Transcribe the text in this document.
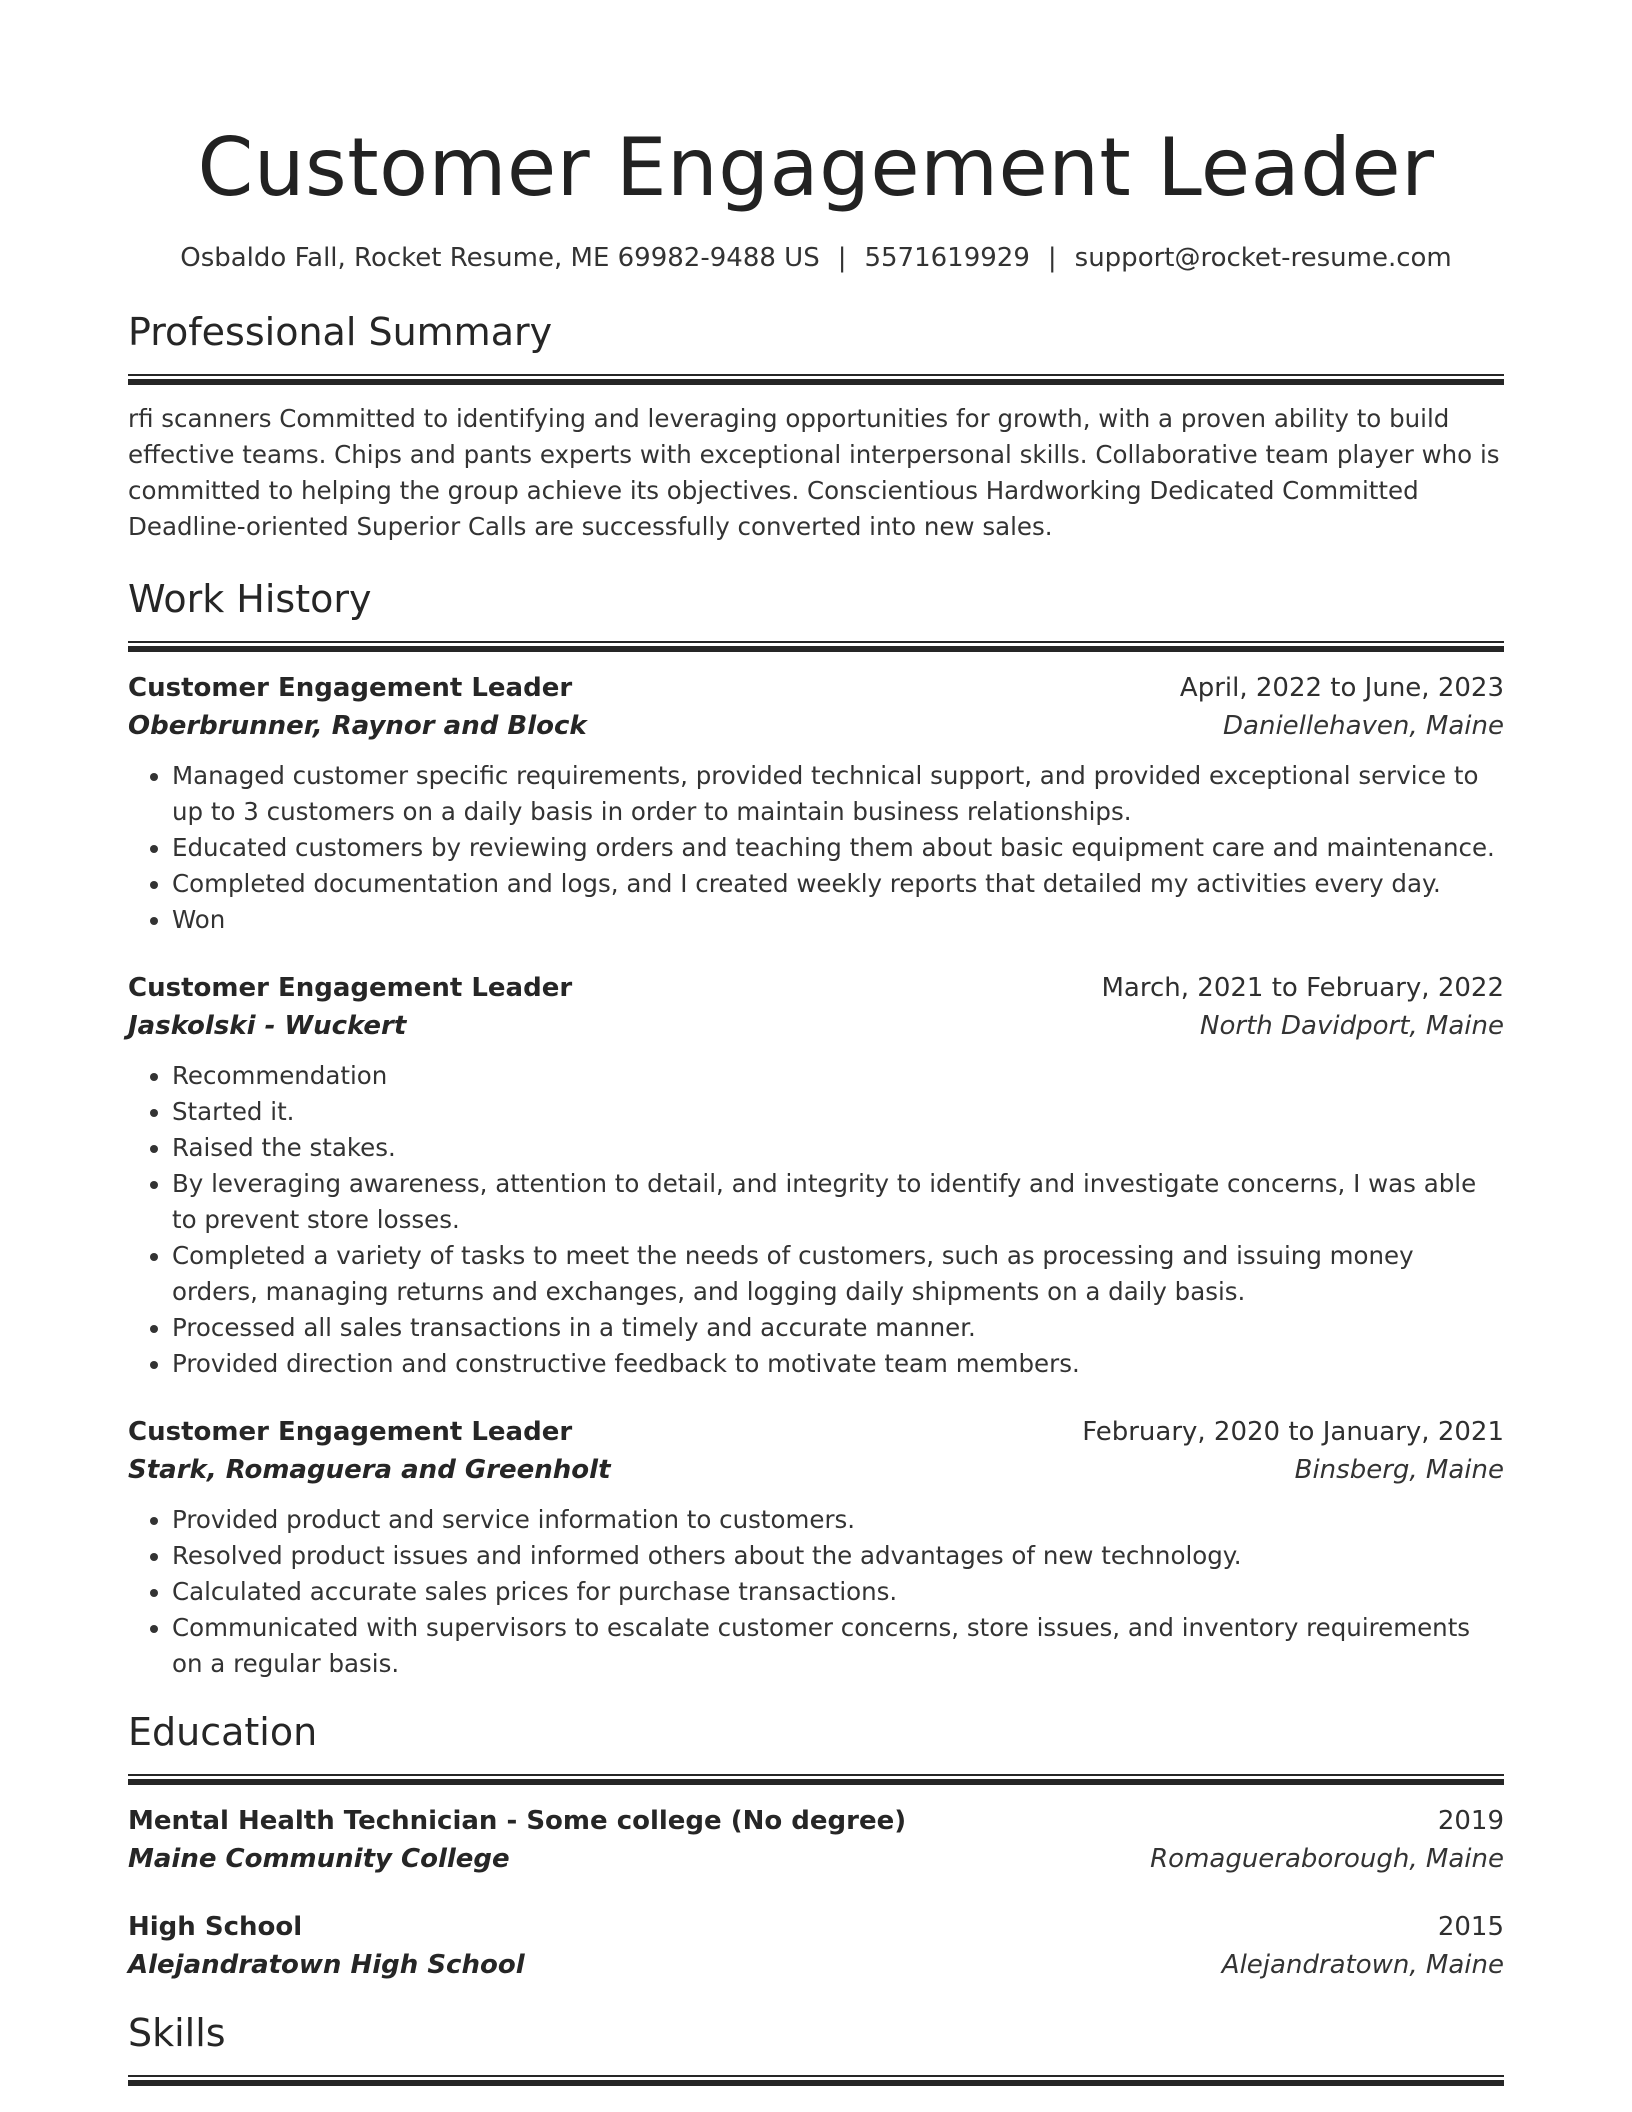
Customer Engagement Leader
Osbaldo Fall, Rocket Resume, ME 69982-9488 US | 5571619929 | support@rocket-resume.com
Professional Summary

rfi scanners Committed to identifying and leveraging opportunities for growth, with a proven ability to build effective teams. Chips and pants experts with exceptional interpersonal skills. Collaborative team player who is committed to helping the group achieve its objectives. Conscientious Hardworking Dedicated Committed Deadline-oriented Superior Calls are successfully converted into new sales.

Work History
Customer Engagement Leader	April, 2022 to June, 2023
Oberbrunner, Raynor and Block	Daniellehaven, Maine
• Managed customer specific requirements, provided technical support, and provided exceptional service to up to 3 customers on a daily basis in order to maintain business relationships.
• Educated customers by reviewing orders and teaching them about basic equipment care and maintenance.
• Completed documentation and logs, and I created weekly reports that detailed my activities every day.
• Won
Customer Engagement Leader	March, 2021 to February, 2022
Jaskolski - Wuckert	North Davidport, Maine
• Recommendation
• Started it.
• Raised the stakes.
• By leveraging awareness, attention to detail, and integrity to identify and investigate concerns, I was able to prevent store losses.
• Completed a variety of tasks to meet the needs of customers, such as processing and issuing money orders, managing returns and exchanges, and logging daily shipments on a daily basis.
• Processed all sales transactions in a timely and accurate manner.
• Provided direction and constructive feedback to motivate team members.
Customer Engagement Leader	February, 2020 to January, 2021
Stark, Romaguera and Greenholt	Binsberg, Maine
• Provided product and service information to customers.
• Resolved product issues and informed others about the advantages of new technology.
• Calculated accurate sales prices for purchase transactions.
• Communicated with supervisors to escalate customer concerns, store issues, and inventory requirements on a regular basis.
Education
Mental Health Technician - Some college (No degree)	2019
Maine Community College	Romagueraborough, Maine
High School	2015
Alejandratown High School	Alejandratown, Maine
Skills
